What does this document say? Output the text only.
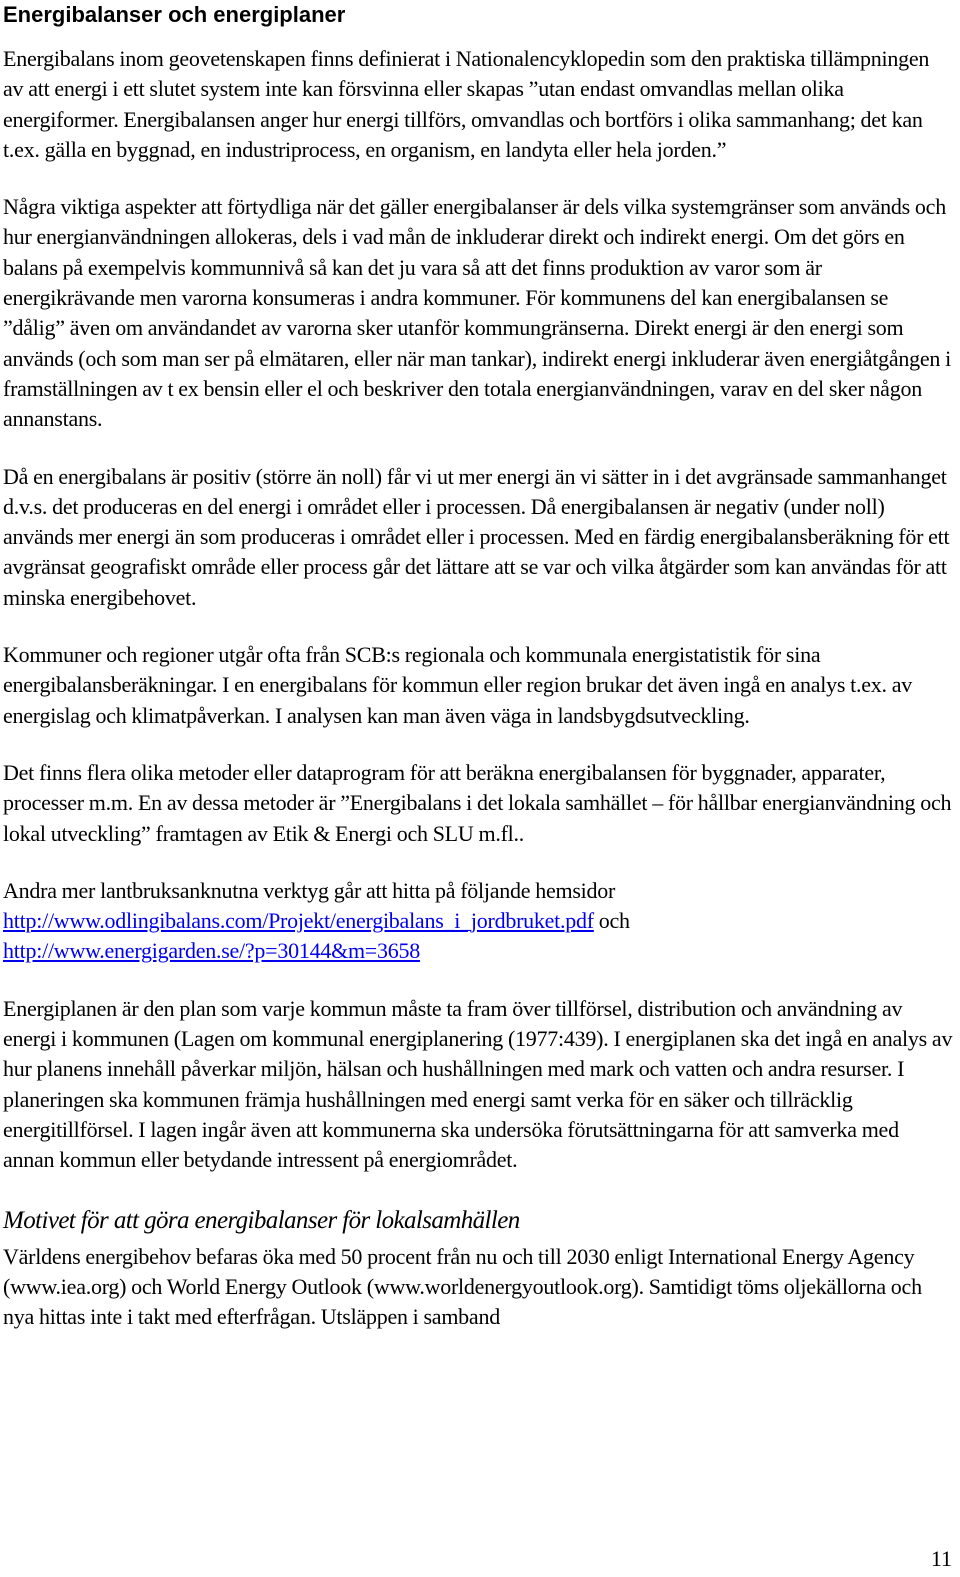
Energibalanser och energiplaner

Energibalans inom geovetenskapen finns definierat i Nationalencyklopedin som den praktiska tillämpningen av att energi i ett slutet system inte kan försvinna eller skapas ”utan endast omvandlas mellan olika energiformer. Energibalansen anger hur energi tillförs, omvandlas och bortförs i olika sammanhang; det kan t.ex. gälla en byggnad, en industriprocess, en organism, en landyta eller hela jorden.”

Några viktiga aspekter att förtydliga när det gäller energibalanser är dels vilka systemgränser som används och hur energianvändningen allokeras, dels i vad mån de inkluderar direkt och indirekt energi. Om det görs en balans på exempelvis kommunnivå så kan det ju vara så att det finns produktion av varor som är energikrävande men varorna konsumeras i andra kommuner. För kommunens del kan energibalansen se ”dålig” även om användandet av varorna sker utanför kommungränserna. Direkt energi är den energi som används (och som man ser på elmätaren, eller när man tankar), indirekt energi inkluderar även energiåtgången i framställningen av t ex bensin eller el och beskriver den totala energianvändningen, varav en del sker någon annanstans.

Då en energibalans är positiv (större än noll) får vi ut mer energi än vi sätter in i det avgränsade sammanhanget d.v.s. det produceras en del energi i området eller i processen. Då energibalansen är negativ (under noll) används mer energi än som produceras i området eller i processen. Med en färdig energibalansberäkning för ett avgränsat geografiskt område eller process går det lättare att se var och vilka åtgärder som kan användas för att minska energibehovet.

Kommuner och regioner utgår ofta från SCB:s regionala och kommunala energistatistik för sina energibalansberäkningar. I en energibalans för kommun eller region brukar det även ingå en analys t.ex. av energislag och klimatpåverkan. I analysen kan man även väga in landsbygdsutveckling.

Det finns flera olika metoder eller dataprogram för att beräkna energibalansen för byggnader, apparater, processer m.m. En av dessa metoder är ”Energibalans i det lokala samhället – för hållbar energianvändning och lokal utveckling” framtagen av Etik & Energi och SLU m.fl..

Andra mer lantbruksanknutna verktyg går att hitta på följande hemsidor
http://www.odlingibalans.com/Projekt/energibalans_i_jordbruket.pdf och
http://www.energigarden.se/?p=30144&m=3658

Energiplanen är den plan som varje kommun måste ta fram över tillförsel, distribution och användning av energi i kommunen (Lagen om kommunal energiplanering (1977:439). I energiplanen ska det ingå en analys av hur planens innehåll påverkar miljön, hälsan och hushållningen med mark och vatten och andra resurser. I planeringen ska kommunen främja hushållningen med energi samt verka för en säker och tillräcklig energitillförsel. I lagen ingår även att kommunerna ska undersöka förutsättningarna för att samverka med annan kommun eller betydande intressent på energiområdet.

Motivet för att göra energibalanser för lokalsamhällen

Världens energibehov befaras öka med 50 procent från nu och till 2030 enligt International Energy Agency (www.iea.org) och World Energy Outlook (www.worldenergyoutlook.org). Samtidigt töms oljekällorna och nya hittas inte i takt med efterfrågan. Utsläppen i samband

11
